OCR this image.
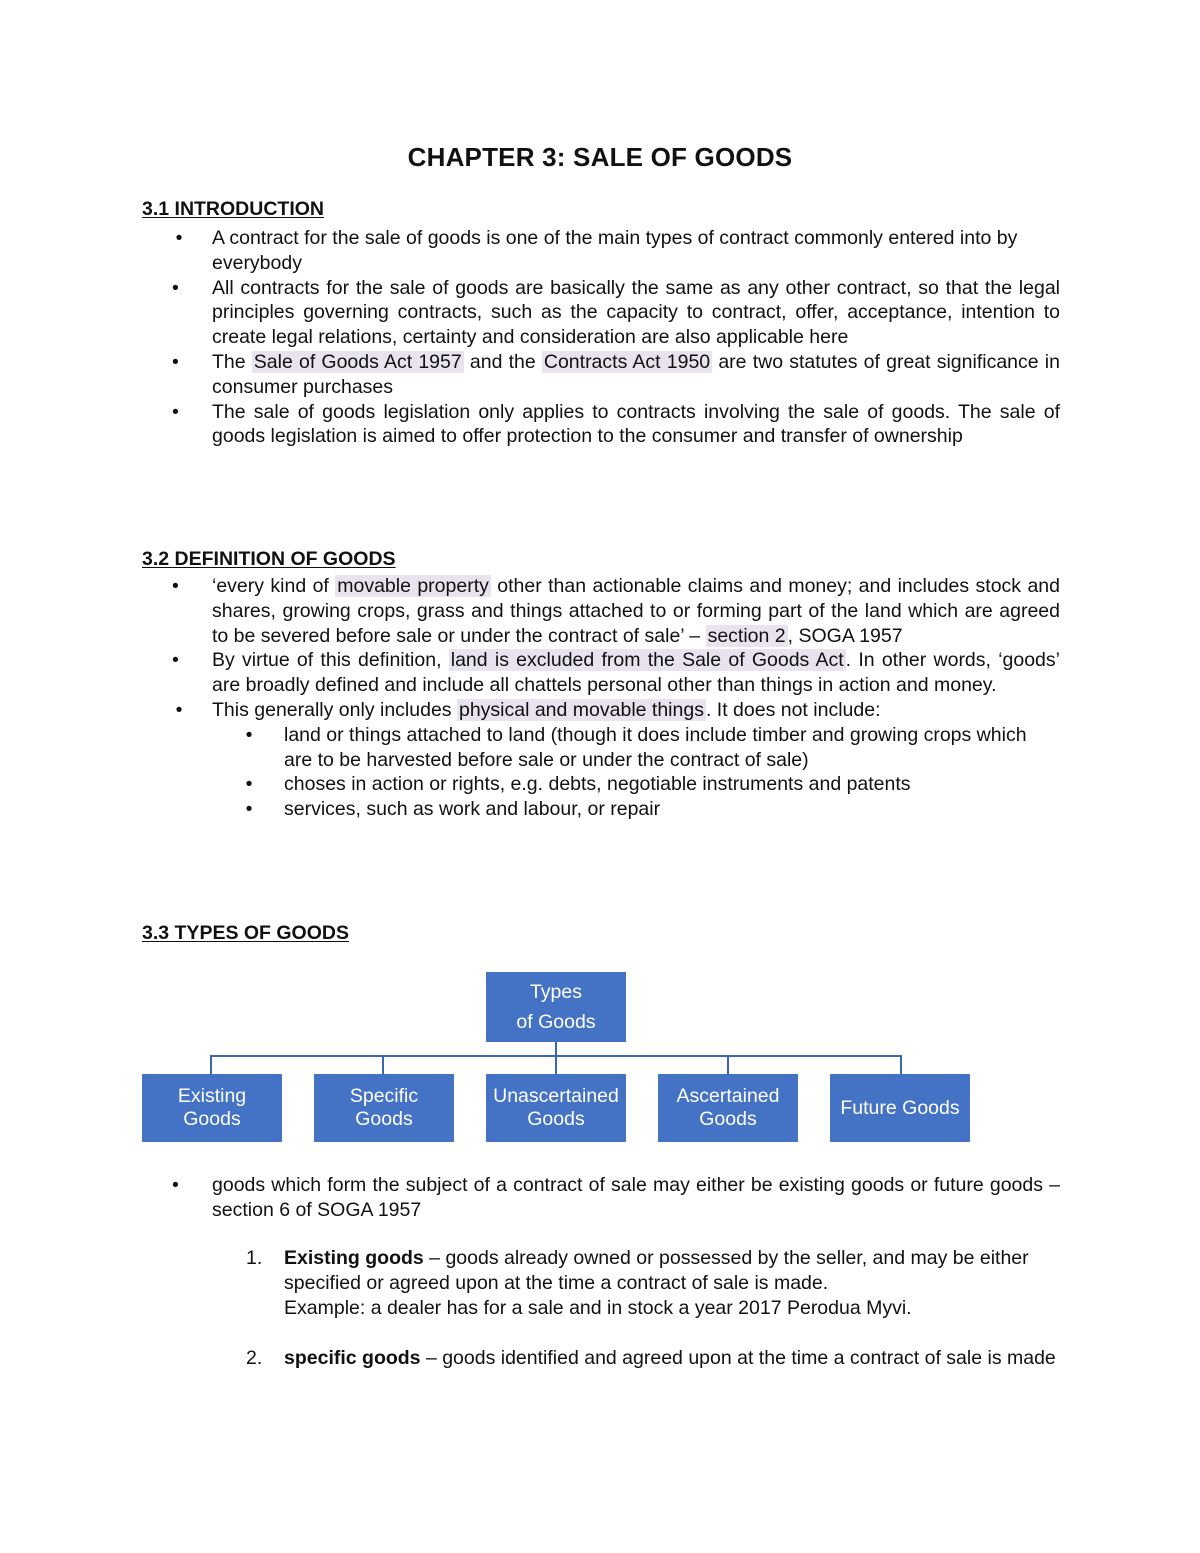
CHAPTER 3: SALE OF GOODS
3.1 INTRODUCTION
• A contract for the sale of goods is one of the main types of contract commonly entered into by everybody
•	All contracts for the sale of goods are basically the same as any other contract, so that the legal principles governing contracts, such as the capacity to contract, offer, acceptance, intention to create legal relations, certainty and consideration are also applicable here
•	The Sale of Goods Act 1957 and the Contracts Act 1950 are two statutes of great significance in consumer purchases
•	The sale of goods legislation only applies to contracts involving the sale of goods. The sale of goods legislation is aimed to offer protection to the consumer and transfer of ownership
3.2 DEFINITION OF GOODS
•	‘every kind of movable property other than actionable claims and money; and includes stock and shares, growing crops, grass and things attached to or forming part of the land which are agreed to be severed before sale or under the contract of sale’ – section 2 , SOGA 1957
•	By virtue of this definition, land is excluded from the Sale of Goods Act . In other words, ‘goods’ are broadly defined and include all chattels personal other than things in action and money.
• This generally only includes physical and movable things . It does not include:
•	land or things attached to land (though it does include timber and growing crops which are to be harvested before sale or under the contract of sale)
•	choses in action or rights, e.g. debts, negotiable instruments and patents
•	services, such as work and labour, or repair
3.3 TYPES OF GOODS
Types
of Goods
Existing
Goods
Specific
Goods
Unascertained
Goods
Ascertained
Goods
Future Goods
•	goods which form the subject of a contract of sale may either be existing goods or future goods – section 6 of SOGA 1957
1. Existing goods – goods already owned or possessed by the seller, and may be either specified or agreed upon at the time a contract of sale is made.
Example: a dealer has for a sale and in stock a year 2017 Perodua Myvi.
2. specific goods – goods identified and agreed upon at the time a contract of sale is made
